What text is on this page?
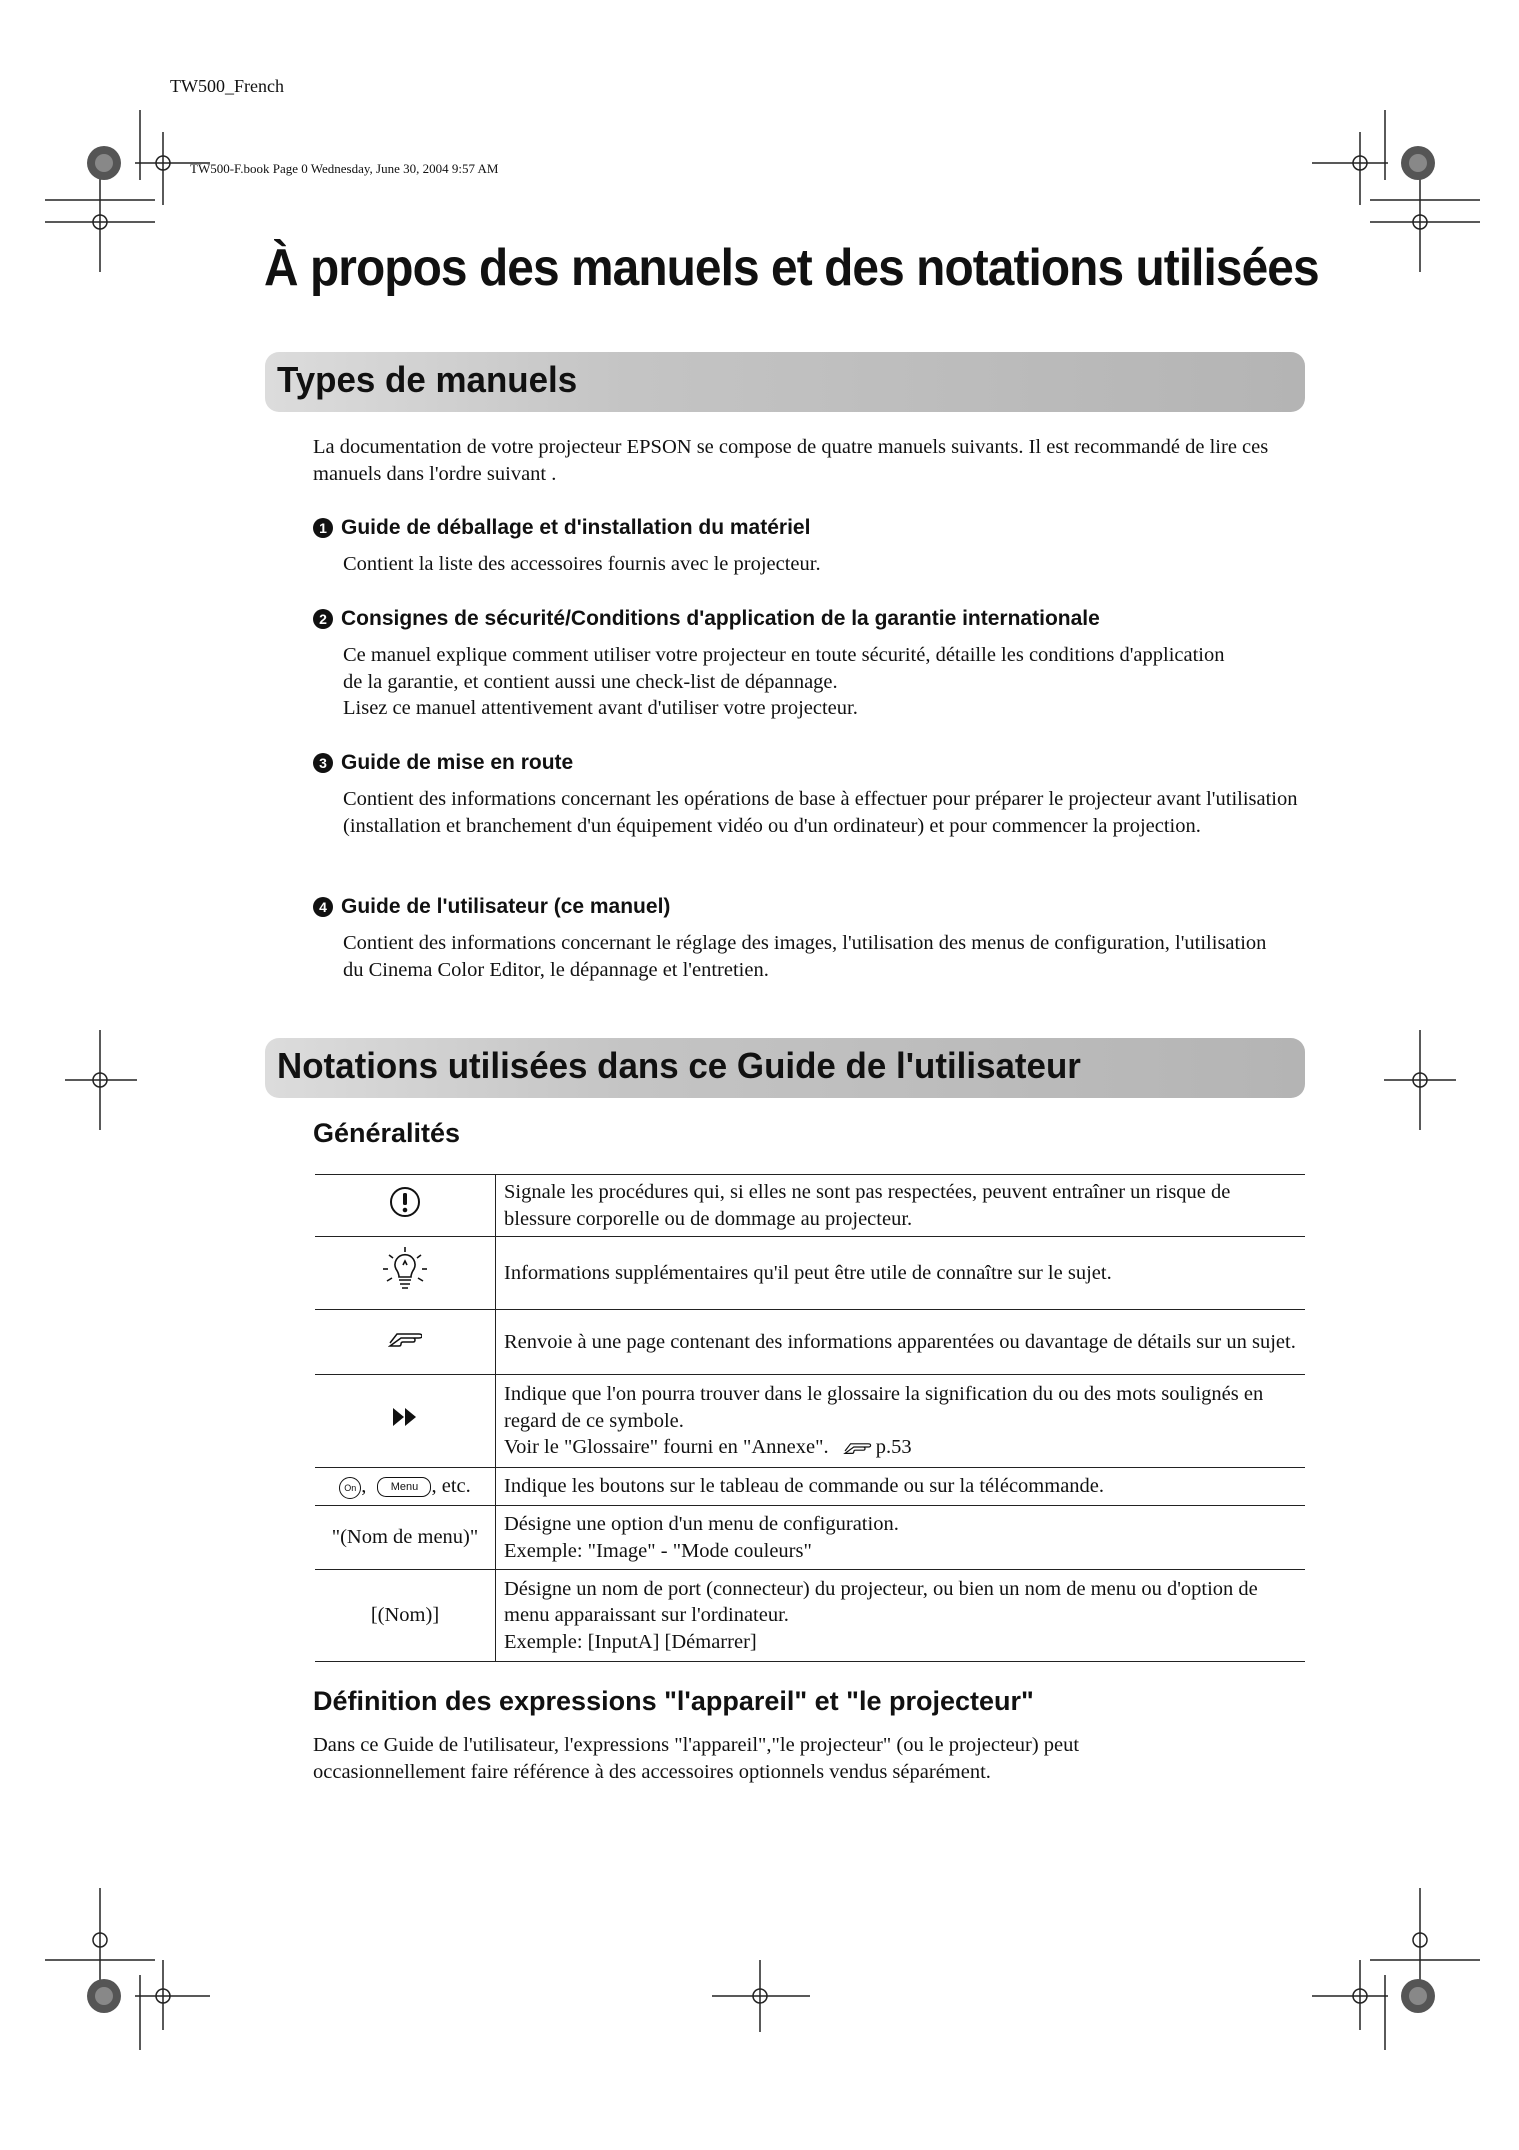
TW500_French
TW500-F.book Page 0 Wednesday, June 30, 2004 9:57 AM
À propos des manuels et des notations utilisées
Types de manuels
La documentation de votre projecteur EPSON se compose de quatre manuels suivants. Il est recommandé de lire ces manuels dans l'ordre suivant .
1 Guide de déballage et d'installation du matériel
Contient la liste des accessoires fournis avec le projecteur.
2 Consignes de sécurité/Conditions d'application de la garantie internationale
Ce manuel explique comment utiliser votre projecteur en toute sécurité, détaille les conditions d'application de la garantie, et contient aussi une check-list de dépannage.
Lisez ce manuel attentivement avant d'utiliser votre projecteur.
3 Guide de mise en route
Contient des informations concernant les opérations de base à effectuer pour préparer le projecteur avant l'utilisation (installation et branchement d'un équipement vidéo ou d'un ordinateur) et pour commencer la projection.
4 Guide de l'utilisateur (ce manuel)
Contient des informations concernant le réglage des images, l'utilisation des menus de configuration, l'utilisation du Cinema Color Editor, le dépannage et l'entretien.
Notations utilisées dans ce Guide de l'utilisateur
Généralités
	Signale les procédures qui, si elles ne sont pas respectées, peuvent entraîner un risque de blessure corporelle ou de dommage au projecteur.
	Informations supplémentaires qu'il peut être utile de connaître sur le sujet.
	Renvoie à une page contenant des informations apparentées ou davantage de détails sur un sujet.

Indique que l'on pourra trouver dans le glossaire la signification du ou des mots soulignés en regard de ce symbole.
Voir le "Glossaire" fourni en "Annexe". p.53

On , Menu , etc.	Indique les boutons sur le tableau de commande ou sur la télécommande.
"(Nom de menu)"	Désigne une option d'un menu de configuration.
Exemple: "Image" - "Mode couleurs"

[(Nom)]	Désigne un nom de port (connecteur) du projecteur, ou bien un nom de menu ou d'option de menu apparaissant sur l'ordinateur.
Exemple: [InputA] [Démarrer]
Définition des expressions "l'appareil" et "le projecteur"
Dans ce Guide de l'utilisateur, l'expressions "l'appareil","le projecteur" (ou le projecteur) peut occasionnellement faire référence à des accessoires optionnels vendus séparément.
